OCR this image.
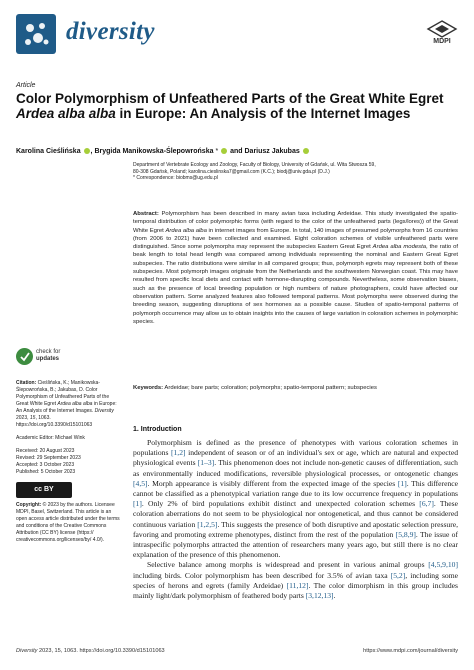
diversity	MDPI
Article
Color Polymorphism of Unfeathered Parts of the Great White Egret Ardea alba alba in Europe: An Analysis of the Internet Images
Karolina Cieślińska , Brygida Manikowska-Ślepowrońska * and Dariusz Jakubas

Department of Vertebrate Ecology and Zoology, Faculty of Biology, University of Gdańsk, ul. Wita Stwosza 59,

80-308 Gdańsk, Poland; karolina.cieslinska7@gmail.com (K.C.); biodj@univ.gda.pl (D.J.)

* Correspondence: biobms@ug.edu.pl

Abstract: Polymorphism has been described in many avian taxa including Ardeidae. This study investigated the spatio-temporal distribution of color polymorphic forms (with regard to the color of the unfeathered parts (legs/lores)) of the Great White Egret Ardea alba alba in internet images from Europe. In total, 140 images of presumed polymorphs from 16 countries (from 2006 to 2021) have been collected and examined. Eight coloration schemes of visible unfeathered parts were distinguished. Since some polymorphs may represent the subspecies Eastern Great Egret Ardea alba modesta, the ratio of beak length to total head length was compared among individuals representing the nominal and Eastern Great Egret subspecies. The ratio distributions were similar in all compared groups; thus, polymorph egrets may represent both of these subspecies. Most polymorph images originate from the Netherlands and the southwestern Norwegian coast. This may have resulted from specific local diets and contact with hormone-disrupting compounds. Nevertheless, some observation biases, such as the presence of local breeding population or high numbers of nature photographers, could have affected our observation pattern. Some analyzed features also followed temporal patterns. Most polymorphs were observed during the breeding season, suggesting disruptions of sex hormones as a possible cause. Studies of spatio-temporal patterns of polymorph occurrence may allow us to obtain insights into the causes of large variation in coloration schemes in polymorphic species.

Keywords: Ardeidae; bare parts; coloration; polymorphs; spatio-temporal pattern; subspecies

check for
updates

Citation: Cieślińska, K.; Manikowska-Ślepowrońska, B.; Jakubas, D. Color Polymorphism of Unfeathered Parts of the Great White Egret Ardea alba alba in Europe: An Analysis of the Internet Images. Diversity 2023, 15, 1063. https://doi.org/10.3390/d15101063

Academic Editor: Michael Wink

Received: 20 August 2023

Revised: 29 September 2023

Accepted: 3 October 2023

Published: 5 October 2023

cc BY

Copyright: © 2023 by the authors. Licensee MDPI, Basel, Switzerland. This article is an open access article distributed under the terms and conditions of the Creative Commons Attribution (CC BY) license (https:// creativecommons.org/licenses/by/ 4.0/).

1. Introduction

Polymorphism is defined as the presence of phenotypes with various coloration schemes in populations [1,2] independent of season or of an individual's sex or age, which are natural and expected physiological events [1–3]. This phenomenon does not include non-genetic causes of differentiation, such as environmentally induced modifications, reversible physiological processes, or ontogenetic changes [4,5]. Morph appearance is visibly different from the expected image of the species [1]. This difference cannot be classified as a phenotypical variation range due to its low occurrence frequency in populations [1]. Only 2% of bird populations exhibit distinct and unexpected coloration schemes [6,7]. These coloration aberrations do not seem to be physiological nor ontogenetical, and thus cannot be considered continuous variation [1,2,5]. This suggests the presence of both disruptive and apostatic selection pressure, favoring and promoting extreme phenotypes, distinct from the rest of the population [5,8,9]. The issue of intraspecific polymorphs attracted the attention of researchers many years ago, but still there is no clear explanation of the presence of this phenomenon.

Selective balance among morphs is widespread and present in various animal groups [4,5,9,10] including birds. Color polymorphism has been described for 3.5% of avian taxa [5,2], including some species of herons and egrets (family Ardeidae) [11,12]. The color dimorphism in this group includes mainly light/dark polymorphism of feathered body parts [3,12,13].

Diversity 2023, 15, 1063. https://doi.org/10.3390/d15101063	https://www.mdpi.com/journal/diversity
